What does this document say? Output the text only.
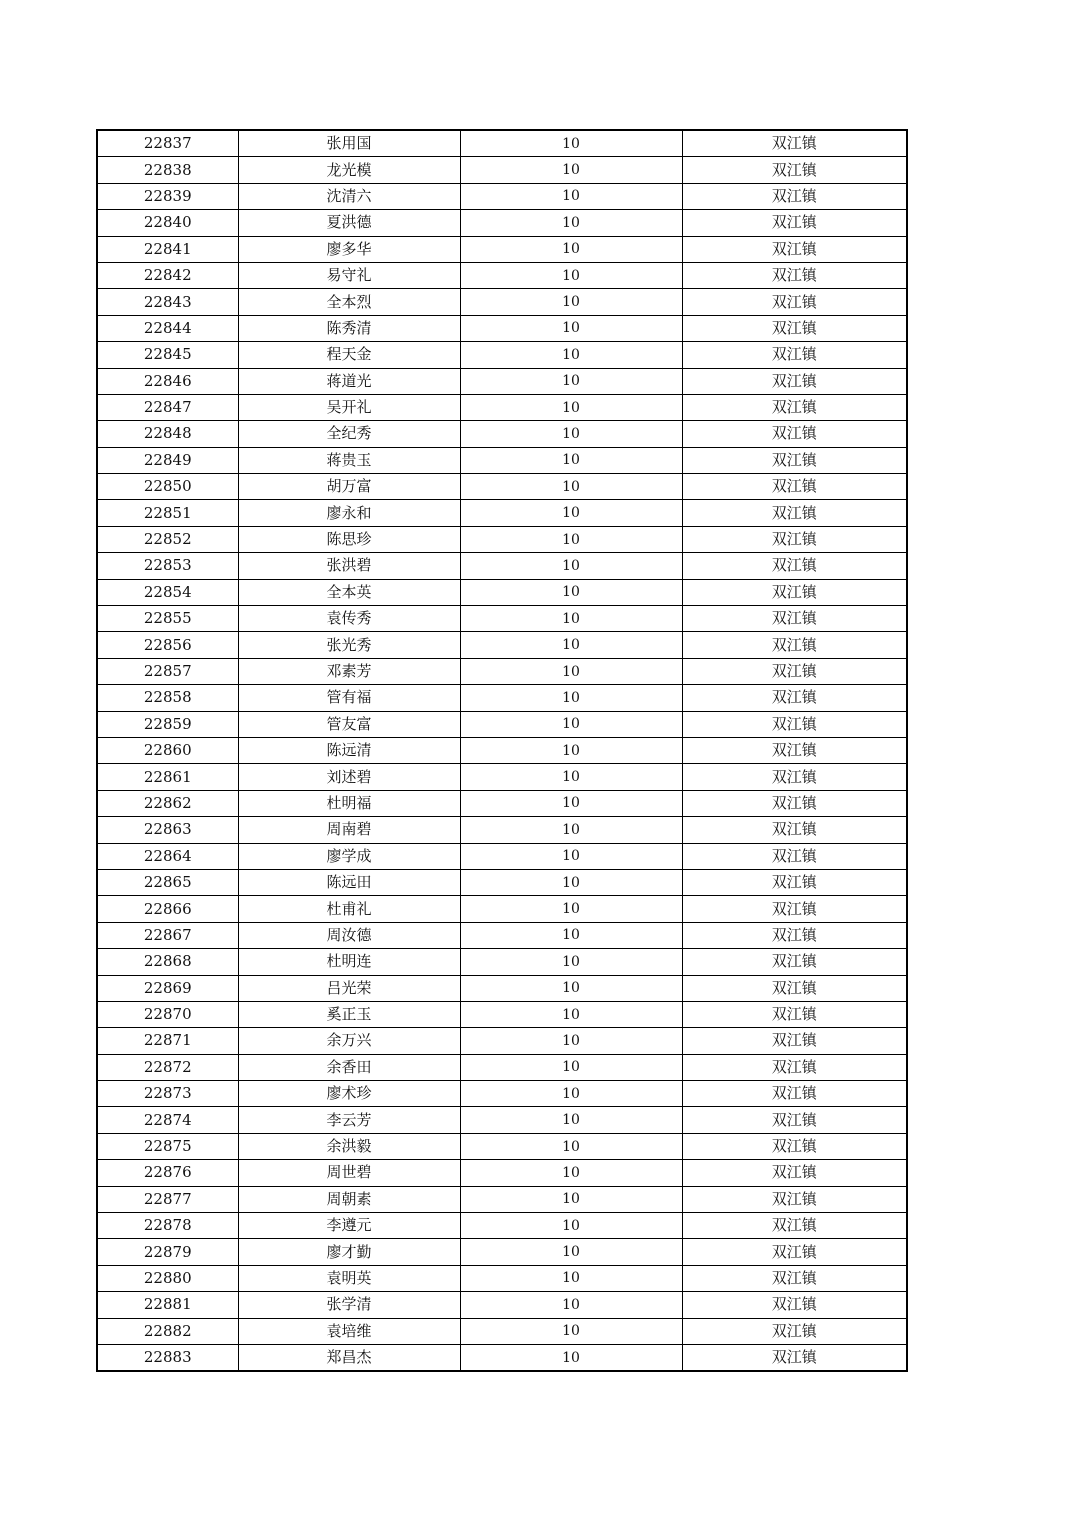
22837	张用国	10	双江镇
22838	龙光模	10	双江镇
22839	沈清六	10	双江镇
22840	夏洪德	10	双江镇
22841	廖多华	10	双江镇
22842	易守礼	10	双江镇
22843	全本烈	10	双江镇
22844	陈秀清	10	双江镇
22845	程天金	10	双江镇
22846	蒋道光	10	双江镇
22847	吴开礼	10	双江镇
22848	全纪秀	10	双江镇
22849	蒋贵玉	10	双江镇
22850	胡万富	10	双江镇
22851	廖永和	10	双江镇
22852	陈思珍	10	双江镇
22853	张洪碧	10	双江镇
22854	全本英	10	双江镇
22855	袁传秀	10	双江镇
22856	张光秀	10	双江镇
22857	邓素芳	10	双江镇
22858	管有福	10	双江镇
22859	管友富	10	双江镇
22860	陈远清	10	双江镇
22861	刘述碧	10	双江镇
22862	杜明福	10	双江镇
22863	周南碧	10	双江镇
22864	廖学成	10	双江镇
22865	陈远田	10	双江镇
22866	杜甫礼	10	双江镇
22867	周汝德	10	双江镇
22868	杜明连	10	双江镇
22869	吕光荣	10	双江镇
22870	奚正玉	10	双江镇
22871	余万兴	10	双江镇
22872	余香田	10	双江镇
22873	廖术珍	10	双江镇
22874	李云芳	10	双江镇
22875	余洪毅	10	双江镇
22876	周世碧	10	双江镇
22877	周朝素	10	双江镇
22878	李遵元	10	双江镇
22879	廖才勤	10	双江镇
22880	袁明英	10	双江镇
22881	张学清	10	双江镇
22882	袁培维	10	双江镇
22883	郑昌杰	10	双江镇
